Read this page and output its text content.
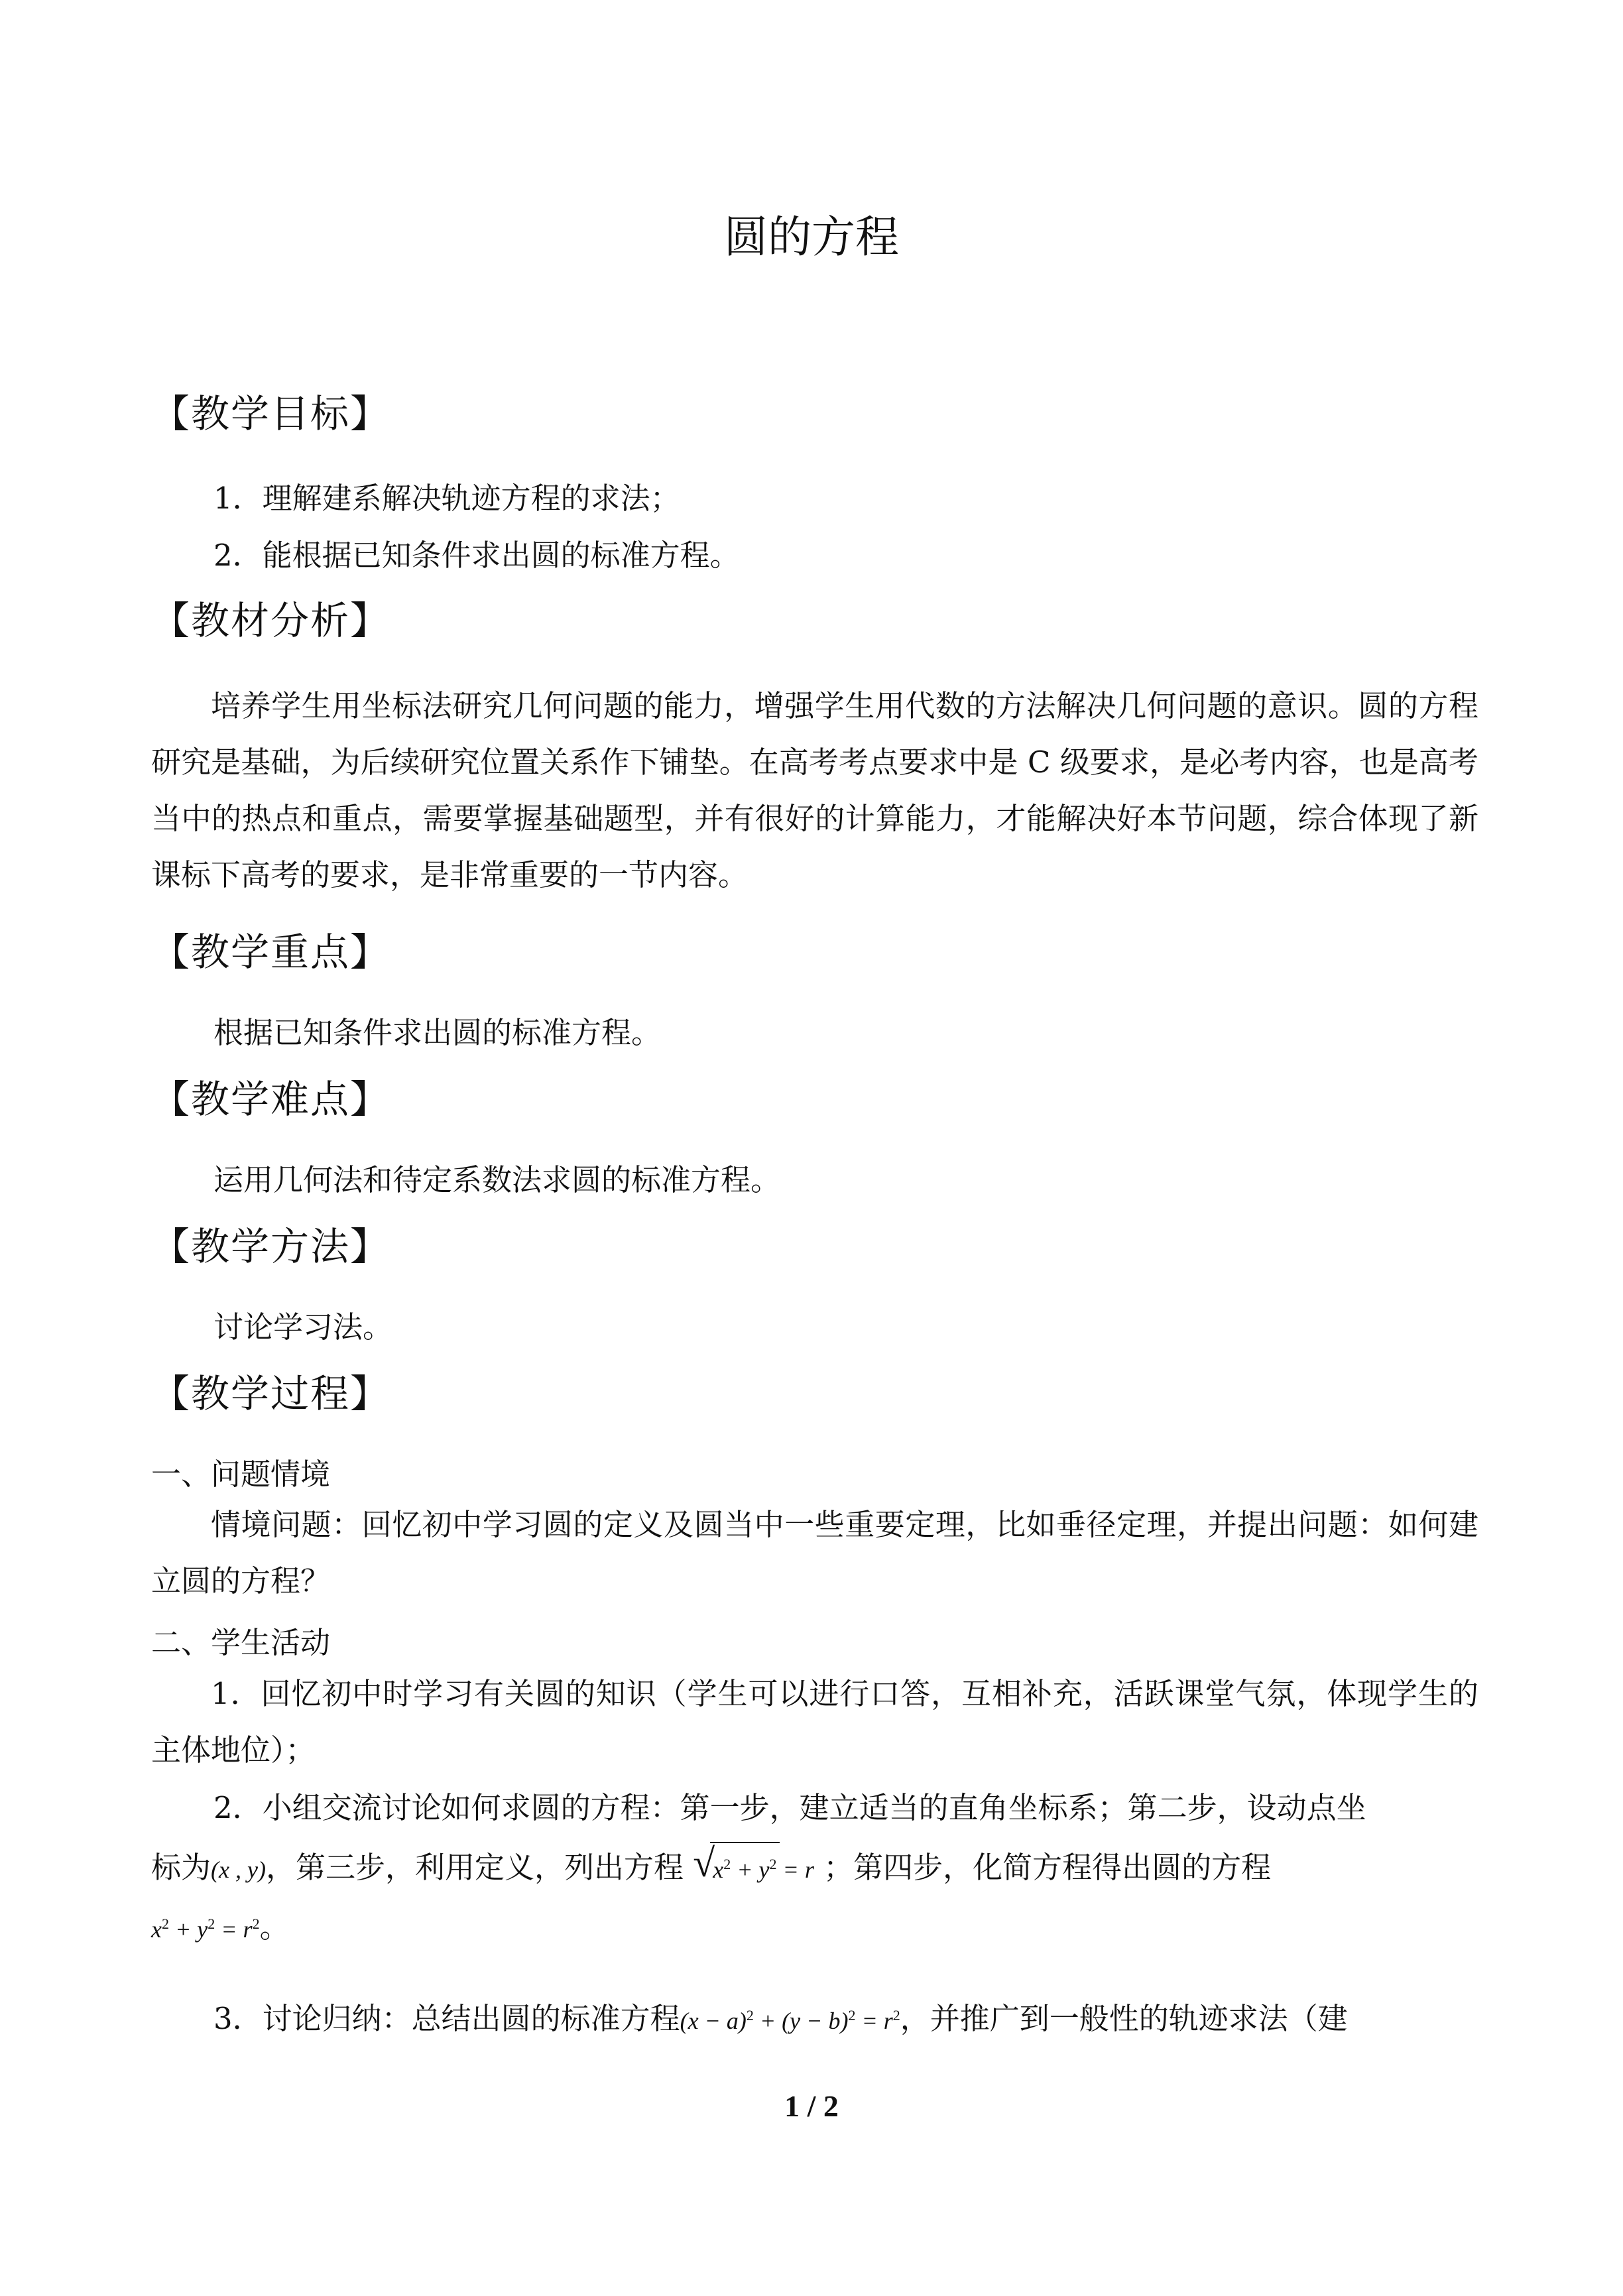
圆的方程
【教学目标】
1．理解建系解决轨迹方程的求法；
2．能根据已知条件求出圆的标准方程。
【教材分析】
培养学生用坐标法研究几何问题的能力，增强学生用代数的方法解决几何问题的意识。圆的方程研究是基础，为后续研究位置关系作下铺垫。在高考考点要求中是 C 级要求，是必考内容，也是高考当中的热点和重点，需要掌握基础题型，并有很好的计算能力，才能解决好本节问题，综合体现了新课标下高考的要求，是非常重要的一节内容。
【教学重点】
根据已知条件求出圆的标准方程。
【教学难点】
运用几何法和待定系数法求圆的标准方程。
【教学方法】
讨论学习法。
【教学过程】
一、问题情境
情境问题：回忆初中学习圆的定义及圆当中一些重要定理，比如垂径定理，并提出问题：如何建立圆的方程？
二、学生活动
1．回忆初中时学习有关圆的知识（学生可以进行口答，互相补充，活跃课堂气氛，体现学生的主体地位）；
2．小组交流讨论如何求圆的方程：第一步，建立适当的直角坐标系；第二步，设动点坐
标为(x , y)，第三步，利用定义，列出方程 √
$x^2 + y^2 = r$ ；第四步，化简方程得出圆的方程
$x^2 + y^2 = r^2$。
3．讨论归纳：总结出圆的标准方程$(x - a)^2 + (y - b)^2 = r^2$，并推广到一般性的轨迹求法（建
1 / 2
